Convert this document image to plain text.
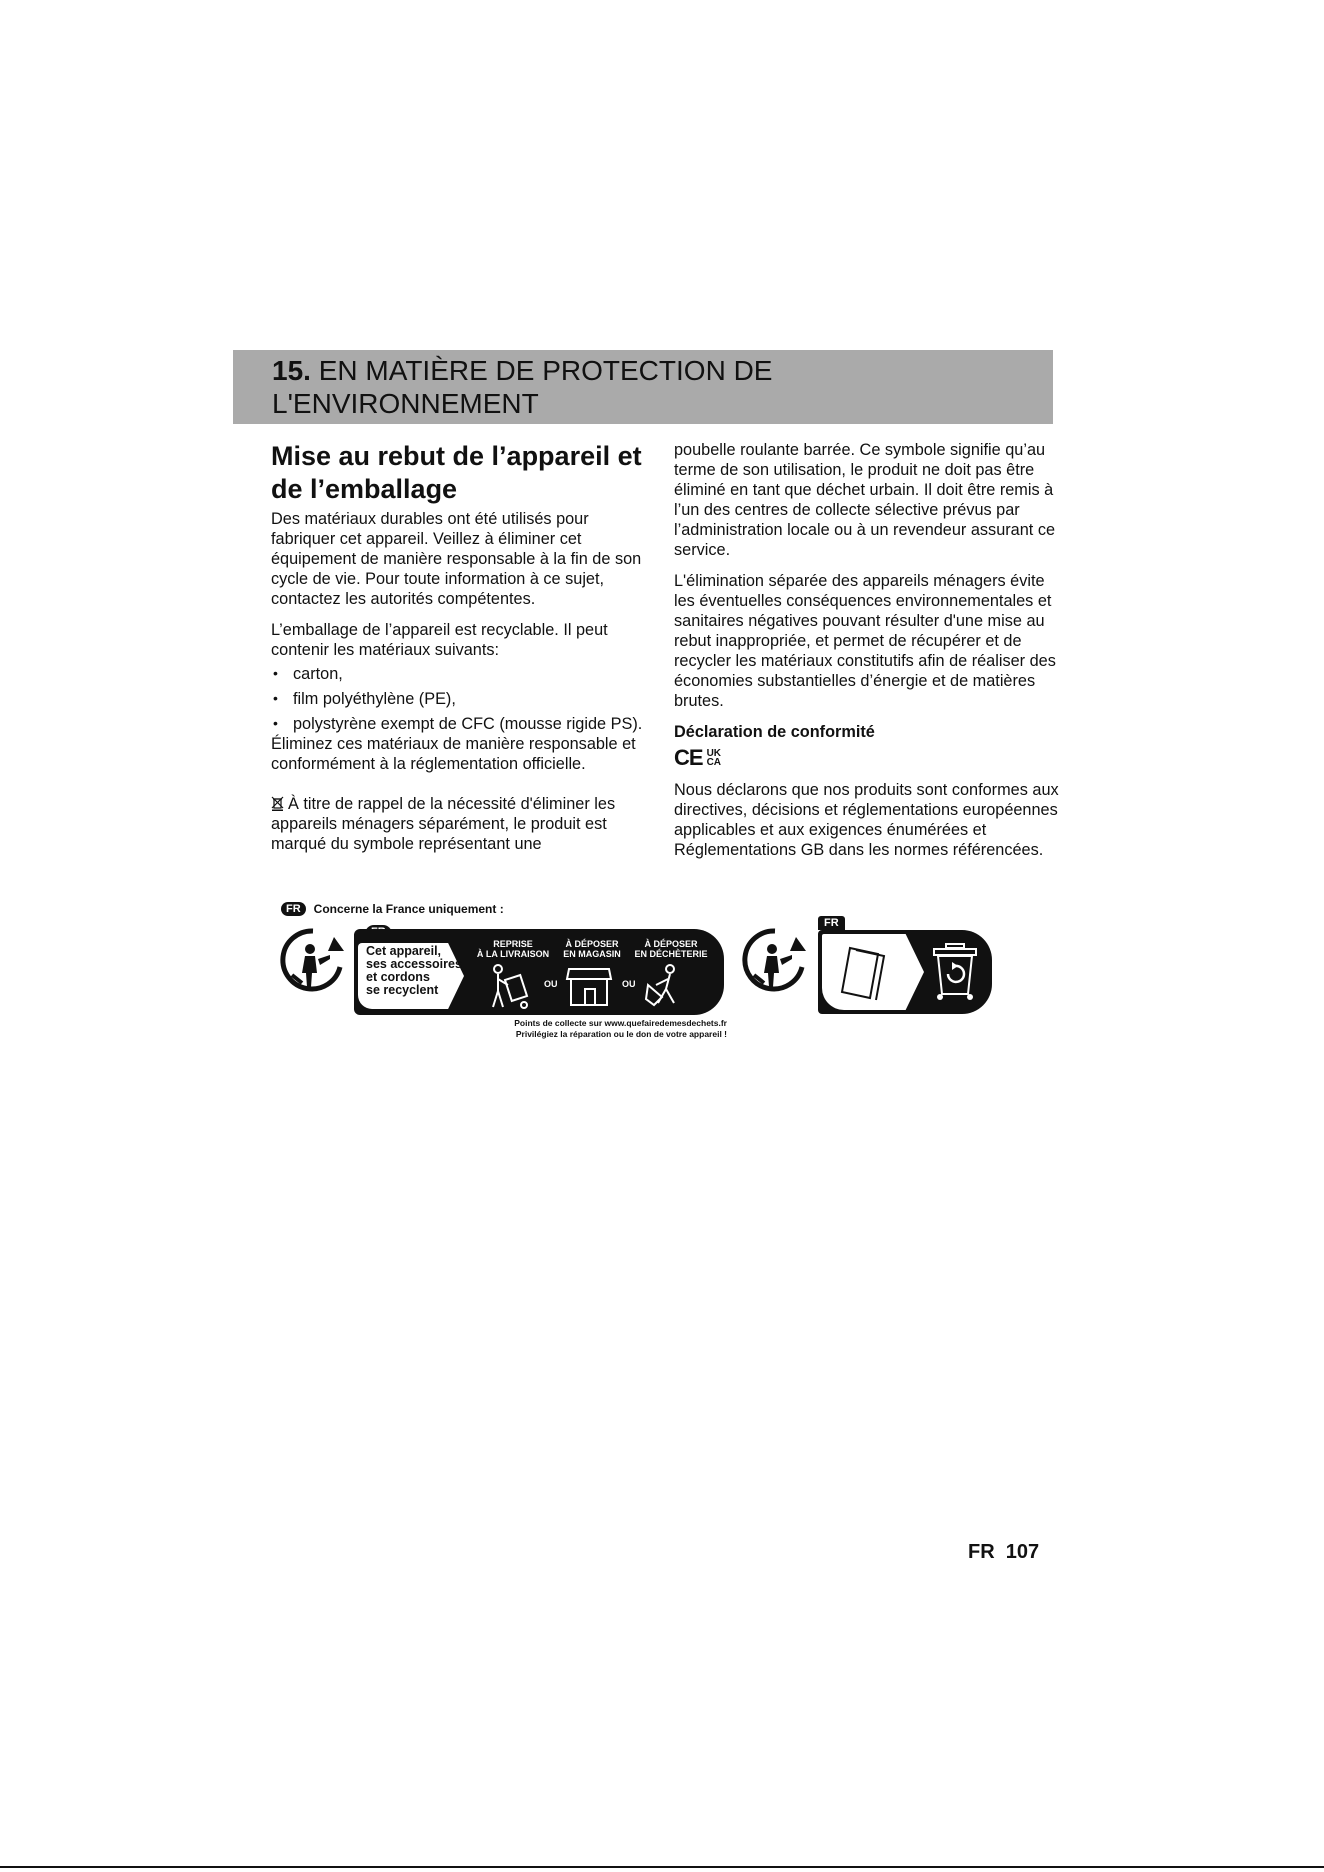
15. EN MATIÈRE DE PROTECTION DE L'ENVIRONNEMENT
Mise au rebut de l’appareil et de l’emballage

Des matériaux durables ont été utilisés pour fabriquer cet appareil. Veillez à éliminer cet équipement de manière responsable à la fin de son cycle de vie. Pour toute information à ce sujet, contactez les autorités compétentes.

L’emballage de l’appareil est recyclable. Il peut contenir les matériaux suivants:

• carton,
• film polyéthylène (PE),
• polystyrène exempt de CFC (mousse rigide PS).

Éliminez ces matériaux de manière responsable et conformément à la réglementation officielle.

À titre de rappel de la nécessité d'éliminer les appareils ménagers séparément, le produit est marqué du symbole représentant une

poubelle roulante barrée. Ce symbole signifie qu’au terme de son utilisation, le produit ne doit pas être éliminé en tant que déchet urbain. Il doit être remis à l’un des centres de collecte sélective prévus par l’administration locale ou à un revendeur assurant ce service.

L'élimination séparée des appareils ménagers évite les éventuelles conséquences environnementales et sanitaires négatives pouvant résulter d'une mise au rebut inappropriée, et permet de récupérer et de recycler les matériaux constitutifs afin de réaliser des économies substantielles d’énergie et de matières brutes.

Déclaration de conformité
CE UK
CA

Nous déclarons que nos produits sont conformes aux directives, décisions et réglementations européennes applicables et aux exigences énumérées et Réglementations GB dans les normes référencées.

FR	Concerne la France uniquement :
Cet appareil,
ses accessoires
et cordons
se recyclent
REPRISE
À LA LIVRAISON
À DÉPOSER
EN MAGASIN
À DÉPOSER
EN DÉCHÈTERIE
OU	OU
Points de collecte sur www.quefairedemesdechets.fr
Privilégiez la réparation ou le don de votre appareil !
FR
FR 107
